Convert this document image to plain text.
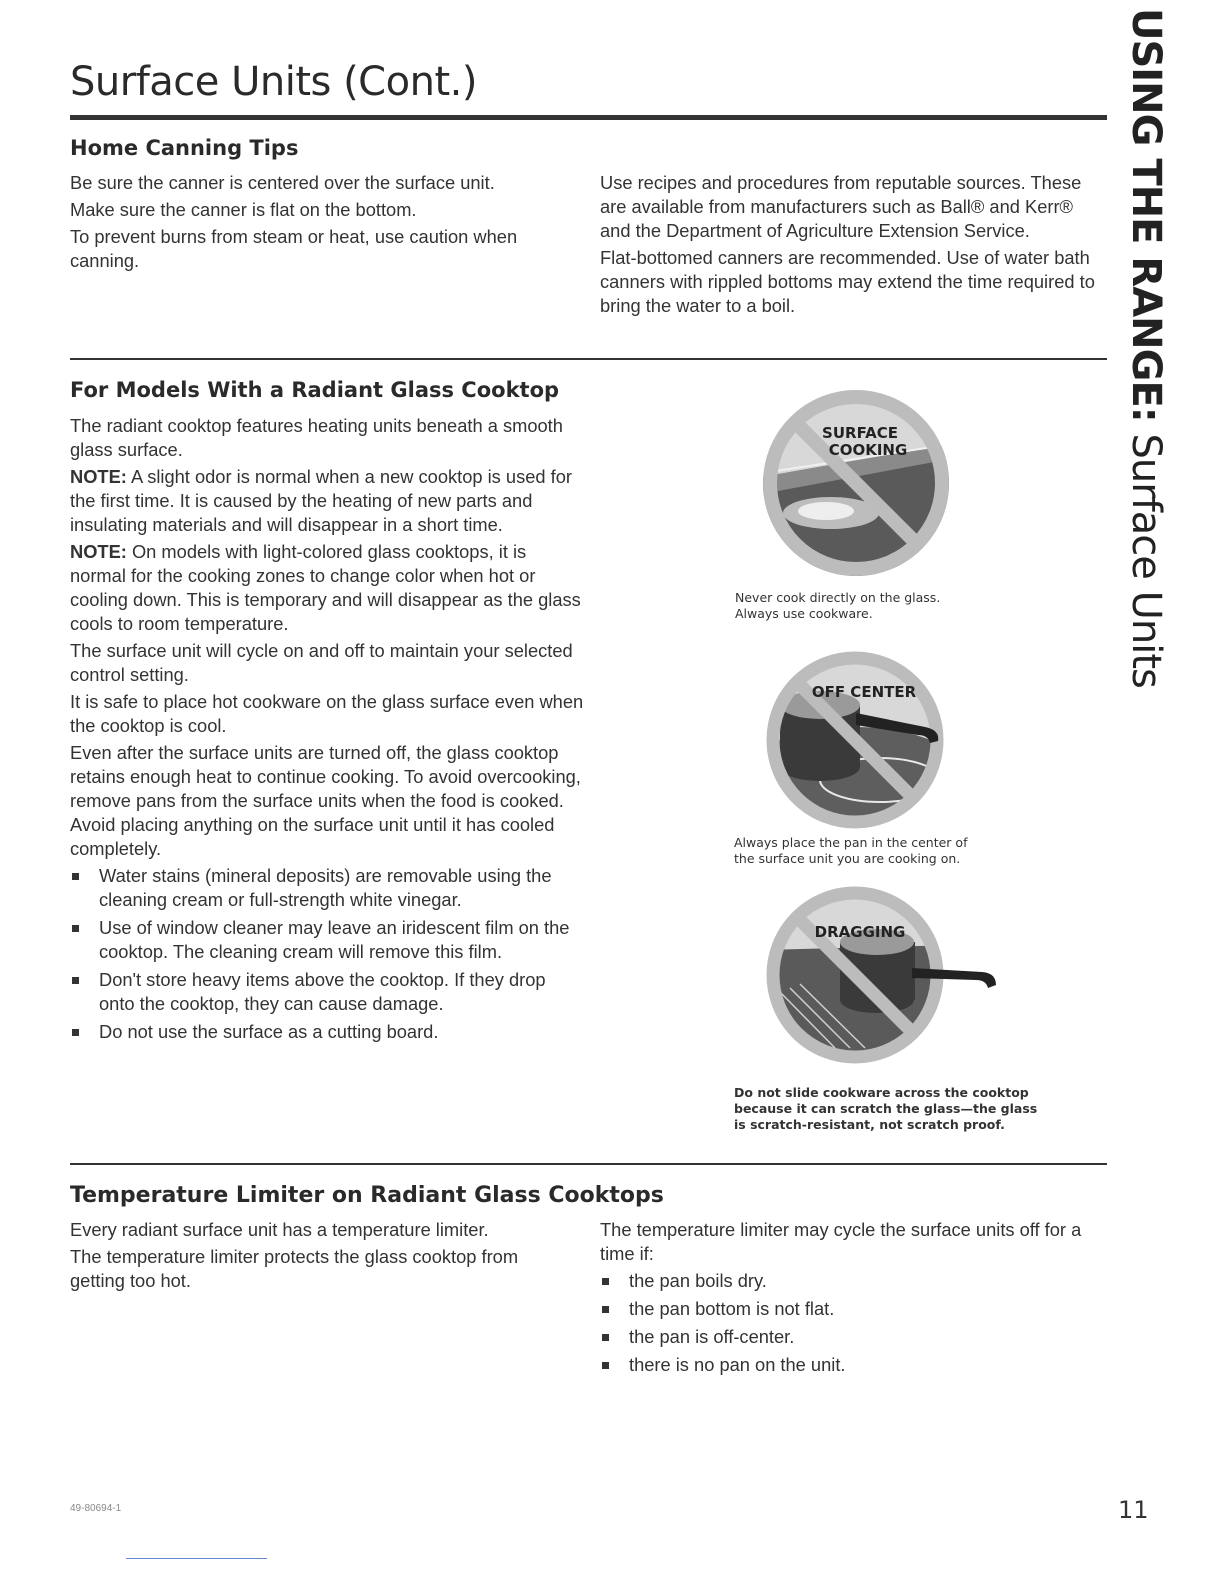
Surface Units (Cont.)	USING THE RANGE: Surface Units
Home Canning Tips

Be sure the canner is centered over the surface unit.

Make sure the canner is flat on the bottom.

To prevent burns from steam or heat, use caution when canning.

Use recipes and procedures from reputable sources. These are available from manufacturers such as Ball® and Kerr® and the Department of Agriculture Extension Service.

Flat-bottomed canners are recommended. Use of water bath canners with rippled bottoms may extend the time required to bring the water to a boil.

For Models With a Radiant Glass Cooktop

The radiant cooktop features heating units beneath a smooth glass surface.

NOTE: A slight odor is normal when a new cooktop is used for the first time. It is caused by the heating of new parts and insulating materials and will disappear in a short time.

NOTE: On models with light-colored glass cooktops, it is normal for the cooking zones to change color when hot or cooling down. This is temporary and will disappear as the glass cools to room temperature.

The surface unit will cycle on and off to maintain your selected control setting.

It is safe to place hot cookware on the glass surface even when the cooktop is cool.

Even after the surface units are turned off, the glass cooktop retains enough heat to continue cooking. To avoid overcooking, remove pans from the surface units when the food is cooked. Avoid placing anything on the surface unit until it has cooled completely.

Water stains (mineral deposits) are removable using the cleaning cream or full-strength white vinegar.
Use of window cleaner may leave an iridescent film on the cooktop. The cleaning cream will remove this film.
Don't store heavy items above the cooktop. If they drop onto the cooktop, they can cause damage.
Do not use the surface as a cutting board.
SURFACE
COOKING
Never cook directly on the glass.
Always use cookware.
OFF CENTER
Always place the pan in the center of
the surface unit you are cooking on.
DRAGGING
Do not slide cookware across the cooktop
because it can scratch the glass—the glass
is scratch-resistant, not scratch proof.
Temperature Limiter on Radiant Glass Cooktops

Every radiant surface unit has a temperature limiter.

The temperature limiter protects the glass cooktop from getting too hot.

The temperature limiter may cycle the surface units off for a time if:

the pan boils dry.
the pan bottom is not flat.
the pan is off-center.
there is no pan on the unit.
49-80694-1	11
